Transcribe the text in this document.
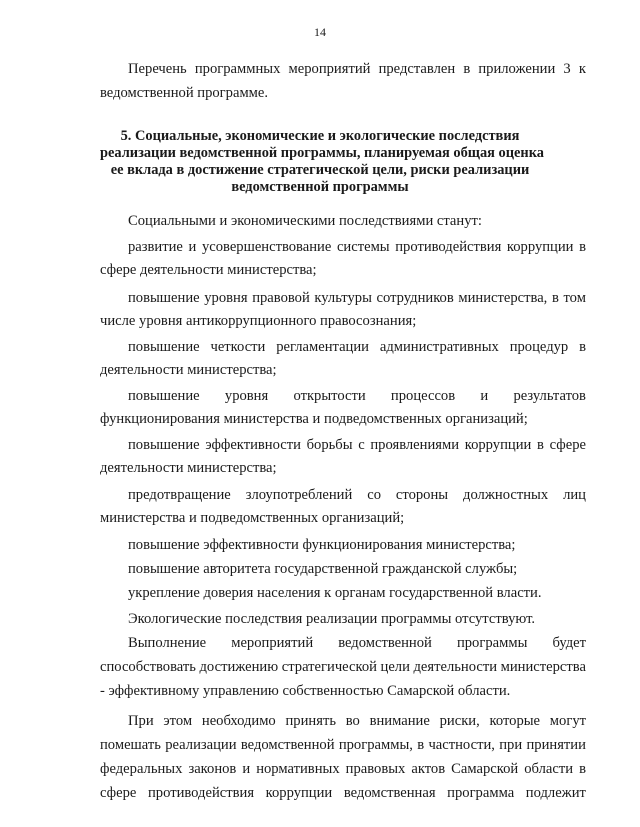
14
Перечень программных мероприятий представлен в приложении 3 к
ведомственной программе.
5. Социальные, экономические и экологические последствия
реализации ведомственной программы, планируемая общая оценка
ее вклада в достижение стратегической цели, риски реализации
ведомственной программы
Социальными и экономическими последствиями станут:
развитие и усовершенствование системы противодействия коррупции в
сфере деятельности министерства;
повышение уровня правовой культуры сотрудников министерства, в том
числе уровня антикоррупционного правосознания;
повышение четкости регламентации административных процедур в
деятельности министерства;
повышение уровня открытости процессов и результатов
функционирования министерства и подведомственных организаций;
повышение эффективности борьбы с проявлениями коррупции в сфере
деятельности министерства;
предотвращение злоупотреблений со стороны должностных лиц
министерства и подведомственных организаций;
повышение эффективности функционирования министерства;
повышение авторитета государственной гражданской службы;
укрепление доверия населения к органам государственной власти.
Экологические последствия реализации программы отсутствуют.
Выполнение мероприятий ведомственной программы будет
способствовать достижению стратегической цели деятельности министерства
- эффективному управлению собственностью Самарской области.
При этом необходимо принять во внимание риски, которые могут
помешать реализации ведомственной программы, в частности, при принятии
федеральных законов и нормативных правовых актов Самарской области в
сфере противодействия коррупции ведомственная программа подлежит
